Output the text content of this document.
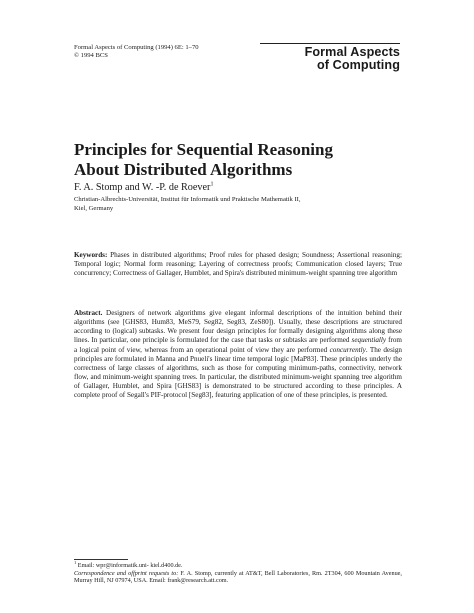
Formal Aspects of Computing (1994) 6E: 1–70
© 1994 BCS	Formal Aspects
of Computing
Principles for Sequential Reasoning
About Distributed Algorithms
F. A. Stomp and W. -P. de Roever$^1$
Christian-Albrechts-Universität, Institut für Informatik und Praktische Mathematik II,
Kiel, Germany
Keywords: Phases in distributed algorithms; Proof rules for phased design; Soundness; Assertional reasoning; Temporal logic; Normal form reasoning; Layering of correctness proofs; Communication closed layers; True concurrency; Correctness of Gallager, Humblet, and Spira's distributed minimum-weight spanning tree algorithm
Abstract. Designers of network algorithms give elegant informal descriptions of the intuition behind their algorithms (see [GHS83, Hum83, MeS79, Seg82, Seg83, ZeS80]). Usually, these descriptions are structured according to (logical) subtasks. We present four design principles for formally designing algorithms along these lines. In particular, one principle is formulated for the case that tasks or subtasks are performed sequentially from a logical point of view, whereas from an operational point of view they are performed concurrently. The design principles are formulated in Manna and Pnueli's linear time temporal logic [MaP83]. These principles underly the correctness of large classes of algorithms, such as those for computing minimum-paths, connectivity, network flow, and minimum-weight spanning trees. In particular, the distributed minimum-weight spanning tree algorithm of Gallager, Humblet, and Spira [GHS83] is demonstrated to be structured according to these principles. A complete proof of Segall's PIF-protocol [Seg83], featuring application of one of these principles, is presented.
$^1$ Email: wpr@informatik.uni- kiel.d400.de.
Correspondence and offprint requests to: F. A. Stomp, currently at AT&T, Bell Laboratories, Rm. 2T304, 600 Mountain Avenue, Murray Hill, NJ 07974, USA. Email: frank@research.att.com.
